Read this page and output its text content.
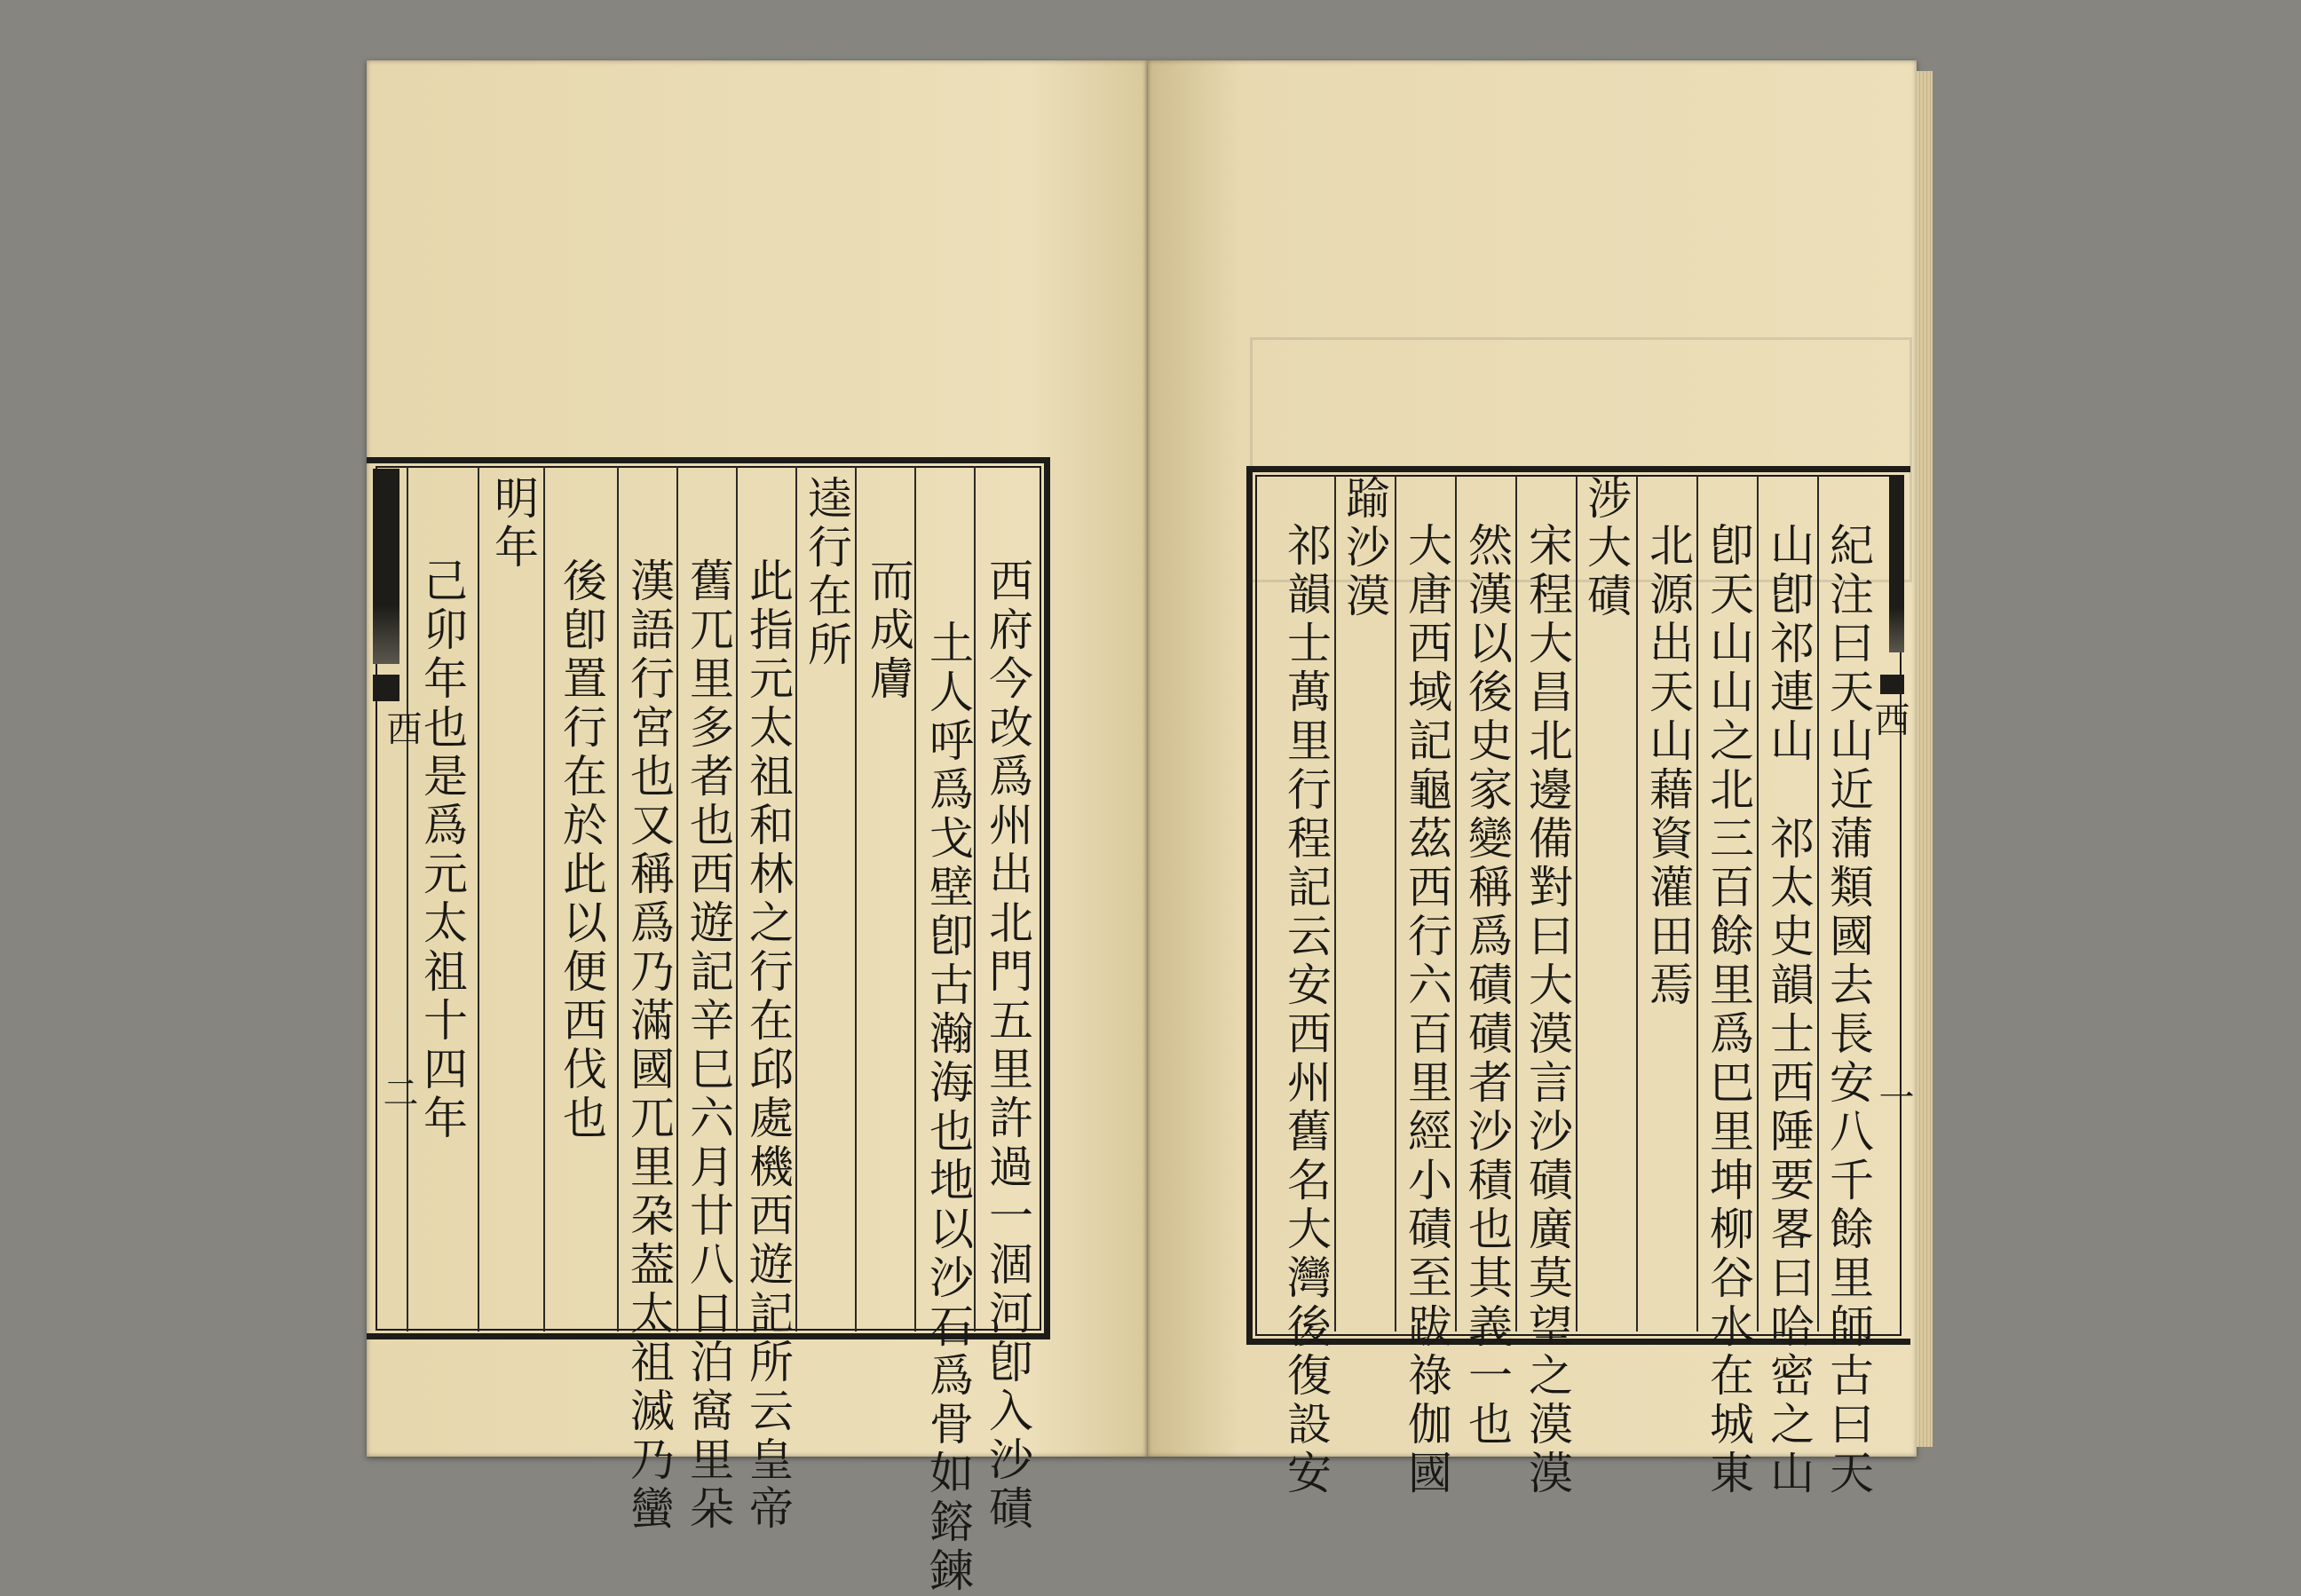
西府今改爲州出北門五里許過一涸河卽入沙磧
土人呼爲戈壁卽古瀚海也地以沙石爲骨如鎔鍊
而成膚
逵行在所
此指元太祖和林之行在邱處機西遊記所云皇帝
舊兀里多者也西遊記辛巳六月廿八日泊窩里朵
漢語行宮也又稱爲乃滿國兀里朶葢太祖滅乃蠻
後卽置行在於此以便西伐也
明年
己卯年也是爲元太祖十四年
西
二	紀注曰天山近蒲類國去長安八千餘里師古曰天
山卽祁連山　祁太史韻士西陲要畧曰哈密之山
卽天山山之北三百餘里爲巴里坤柳谷水在城東
北源出天山藉資灌田焉
涉大磧
宋程大昌北邊備對曰大漠言沙磧廣莫望之漠漠
然漢以後史家變稱爲磧磧者沙積也其義一也
大唐西域記龜茲西行六百里經小磧至跋祿伽國
踰沙漠
祁韻士萬里行程記云安西州舊名大灣後復設安	西
一
